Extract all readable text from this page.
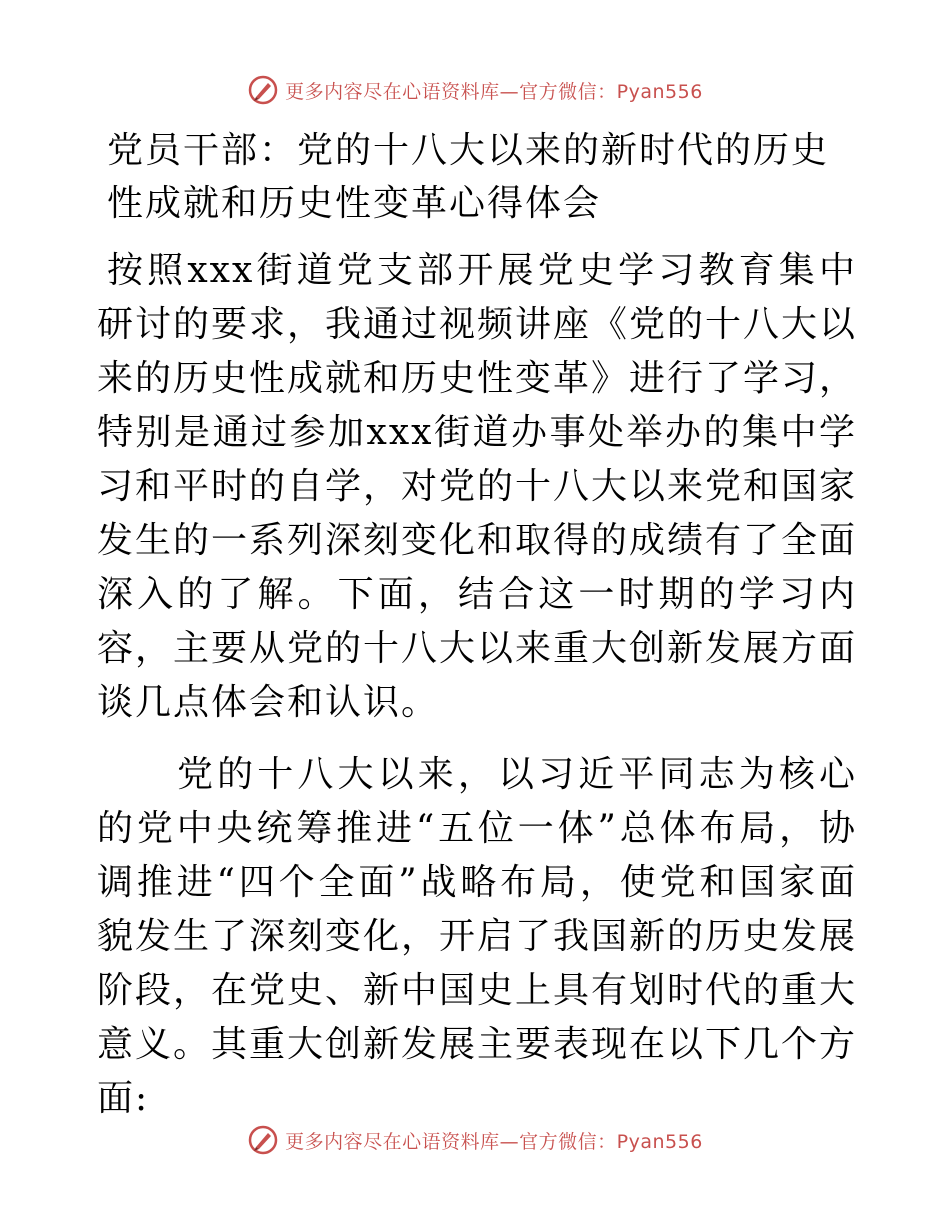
更多内容尽在心语资料库—官方微信：Pyan556
党员干部：党的十八大以来的新时代的历史性成就和历史性变革心得体会

按照xxx街道党支部开展党史学习教育集中研讨的要求，我通过视频讲座《党的十八大以来的历史性成就和历史性变革》进行了学习，特别是通过参加xxx街道办事处举办的集中学习和平时的自学，对党的十八大以来党和国家发生的一系列深刻变化和取得的成绩有了全面深入的了解。下面，结合这一时期的学习内容，主要从党的十八大以来重大创新发展方面谈几点体会和认识。

党的十八大以来，以习近平同志为核心的党中央统筹推进“五位一体”总体布局，协调推进“四个全面”战略布局，使党和国家面貌发生了深刻变化，开启了我国新的历史发展阶段，在党史、新中国史上具有划时代的重大意义。其重大创新发展主要表现在以下几个方面:

更多内容尽在心语资料库—官方微信：Pyan556
